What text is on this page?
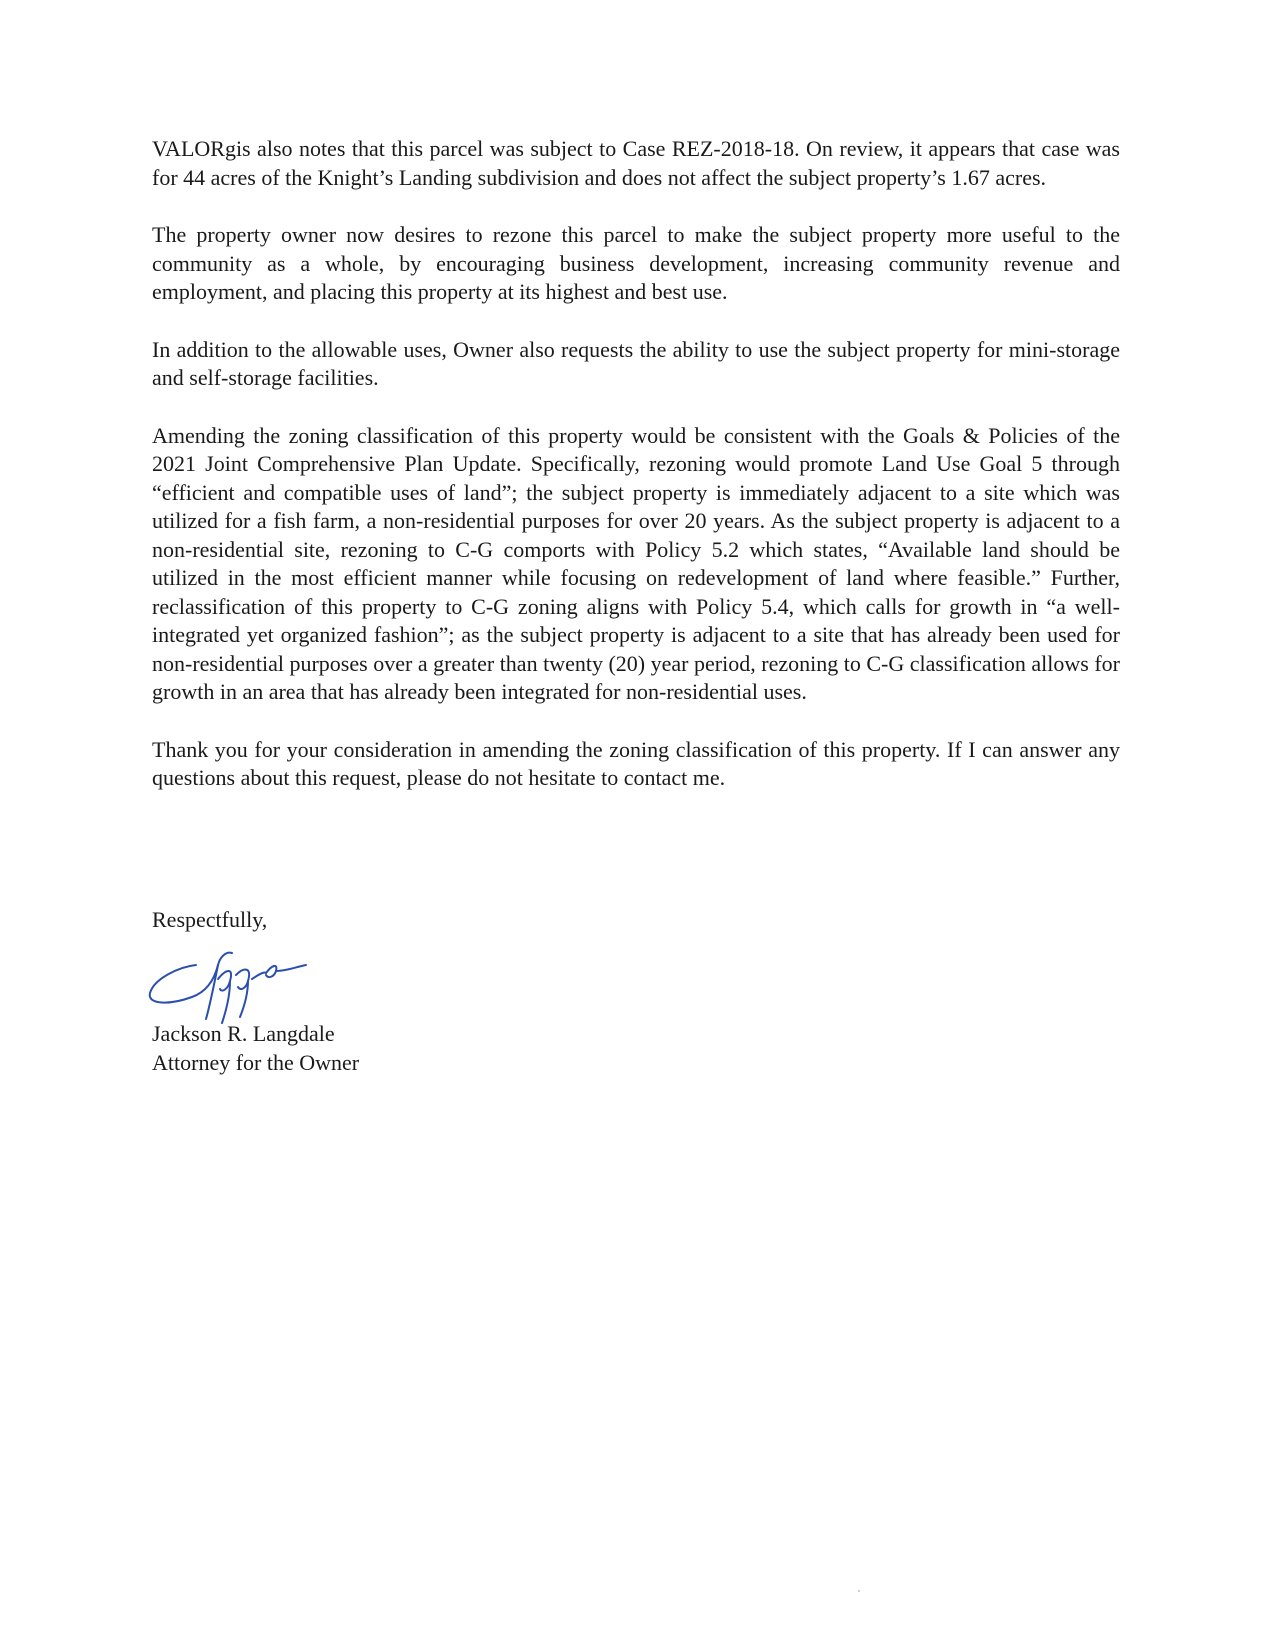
VALORgis also notes that this parcel was subject to Case REZ-2018-18. On review, it appears that case was for 44 acres of the Knight’s Landing subdivision and does not affect the subject property’s 1.67 acres.

The property owner now desires to rezone this parcel to make the subject property more useful to the community as a whole, by encouraging business development, increasing community revenue and employment, and placing this property at its highest and best use.

In addition to the allowable uses, Owner also requests the ability to use the subject property for mini-storage and self-storage facilities.

Amending the zoning classification of this property would be consistent with the Goals & Policies of the 2021 Joint Comprehensive Plan Update. Specifically, rezoning would promote Land Use Goal 5 through “efficient and compatible uses of land”; the subject property is immediately adjacent to a site which was utilized for a fish farm, a non-residential purposes for over 20 years. As the subject property is adjacent to a non-residential site, rezoning to C-G comports with Policy 5.2 which states, “Available land should be utilized in the most efficient manner while focusing on redevelopment of land where feasible.” Further, reclassification of this property to C-G zoning aligns with Policy 5.4, which calls for growth in “a well-integrated yet organized fashion”; as the subject property is adjacent to a site that has already been used for non-residential purposes over a greater than twenty (20) year period, rezoning to C-G classification allows for growth in an area that has already been integrated for non-residential uses.

Thank you for your consideration in amending the zoning classification of this property. If I can answer any questions about this request, please do not hesitate to contact me.

Respectfully,
Jackson R. Langdale
Attorney for the Owner
